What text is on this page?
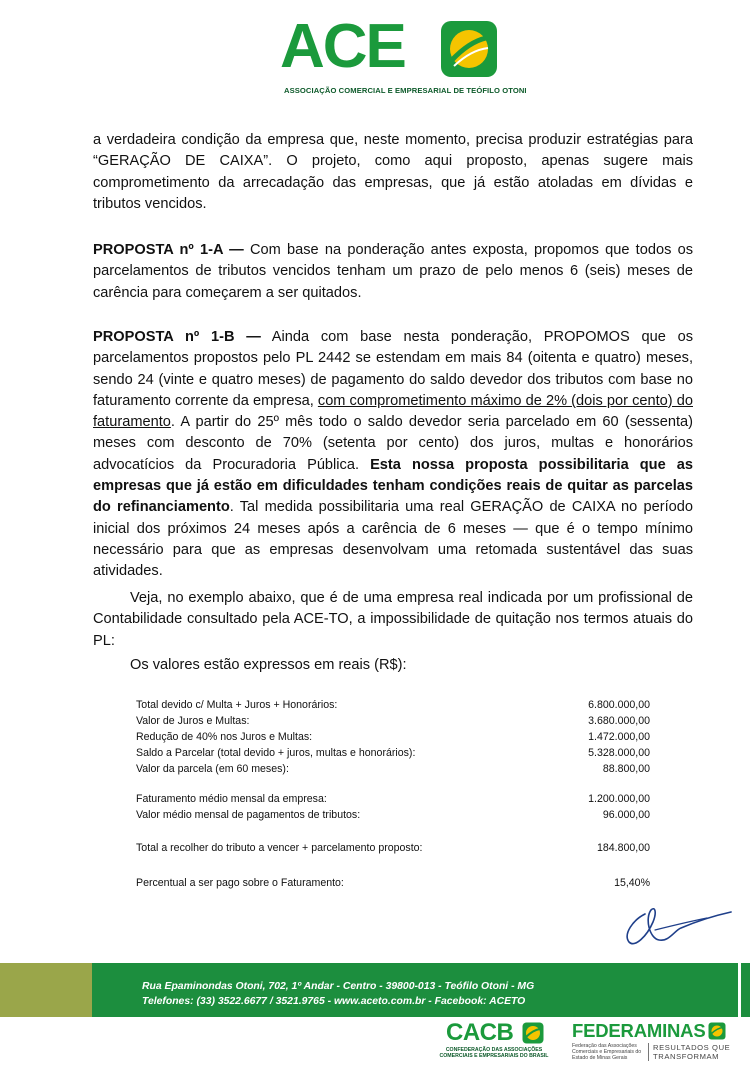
ACE
ASSOCIAÇÃO COMERCIAL E EMPRESARIAL DE TEÓFILO OTONI
a verdadeira condição da empresa que, neste momento, precisa produzir estratégias para “GERAÇÃO DE CAIXA”. O projeto, como aqui proposto, apenas sugere mais comprometimento da arrecadação das empresas, que já estão atoladas em dívidas e tributos vencidos.
PROPOSTA nº 1-A — Com base na ponderação antes exposta, propomos que todos os parcelamentos de tributos vencidos tenham um prazo de pelo menos 6 (seis) meses de carência para começarem a ser quitados.
PROPOSTA nº 1-B — Ainda com base nesta ponderação, PROPOMOS que os parcelamentos propostos pelo PL 2442 se estendam em mais 84 (oitenta e quatro) meses, sendo 24 (vinte e quatro meses) de pagamento do saldo devedor dos tributos com base no faturamento corrente da empresa, com comprometimento máximo de 2% (dois por cento) do faturamento. A partir do 25º mês todo o saldo devedor seria parcelado em 60 (sessenta) meses com desconto de 70% (setenta por cento) dos juros, multas e honorários advocatícios da Procuradoria Pública. Esta nossa proposta possibilitaria que as empresas que já estão em dificuldades tenham condições reais de quitar as parcelas do refinanciamento. Tal medida possibilitaria uma real GERAÇÃO de CAIXA no período inicial dos próximos 24 meses após a carência de 6 meses — que é o tempo mínimo necessário para que as empresas desenvolvam uma retomada sustentável das suas atividades.
Veja, no exemplo abaixo, que é de uma empresa real indicada por um profissional de Contabilidade consultado pela ACE-TO, a impossibilidade de quitação nos termos atuais do PL:
Os valores estão expressos em reais (R$):
Total devido c/ Multa + Juros + Honorários:	6.800.000,00
Valor de Juros e Multas:	3.680.000,00
Redução de 40% nos Juros e Multas:	1.472.000,00
Saldo a Parcelar (total devido + juros, multas e honorários):	5.328.000,00
Valor da parcela (em 60 meses):	88.800,00
Faturamento médio mensal da empresa:	1.200.000,00
Valor médio mensal de pagamentos de tributos:	96.000,00
Total a recolher do tributo a vencer + parcelamento proposto:	184.800,00
Percentual a ser pago sobre o Faturamento:	15,40%
Rua Epaminondas Otoni, 702, 1º Andar - Centro - 39800-013 - Teófilo Otoni - MG
Telefones: (33) 3522.6677 / 3521.9765 - www.aceto.com.br - Facebook: ACETO
CACB
CONFEDERAÇÃO DAS ASSOCIAÇÕES COMERCIAIS E EMPRESARIAIS DO BRASIL
FEDERAMINAS
Federação das Associações Comerciais e Empresariais do Estado de Minas Gerais
RESULTADOS QUE TRANSFORMAM
